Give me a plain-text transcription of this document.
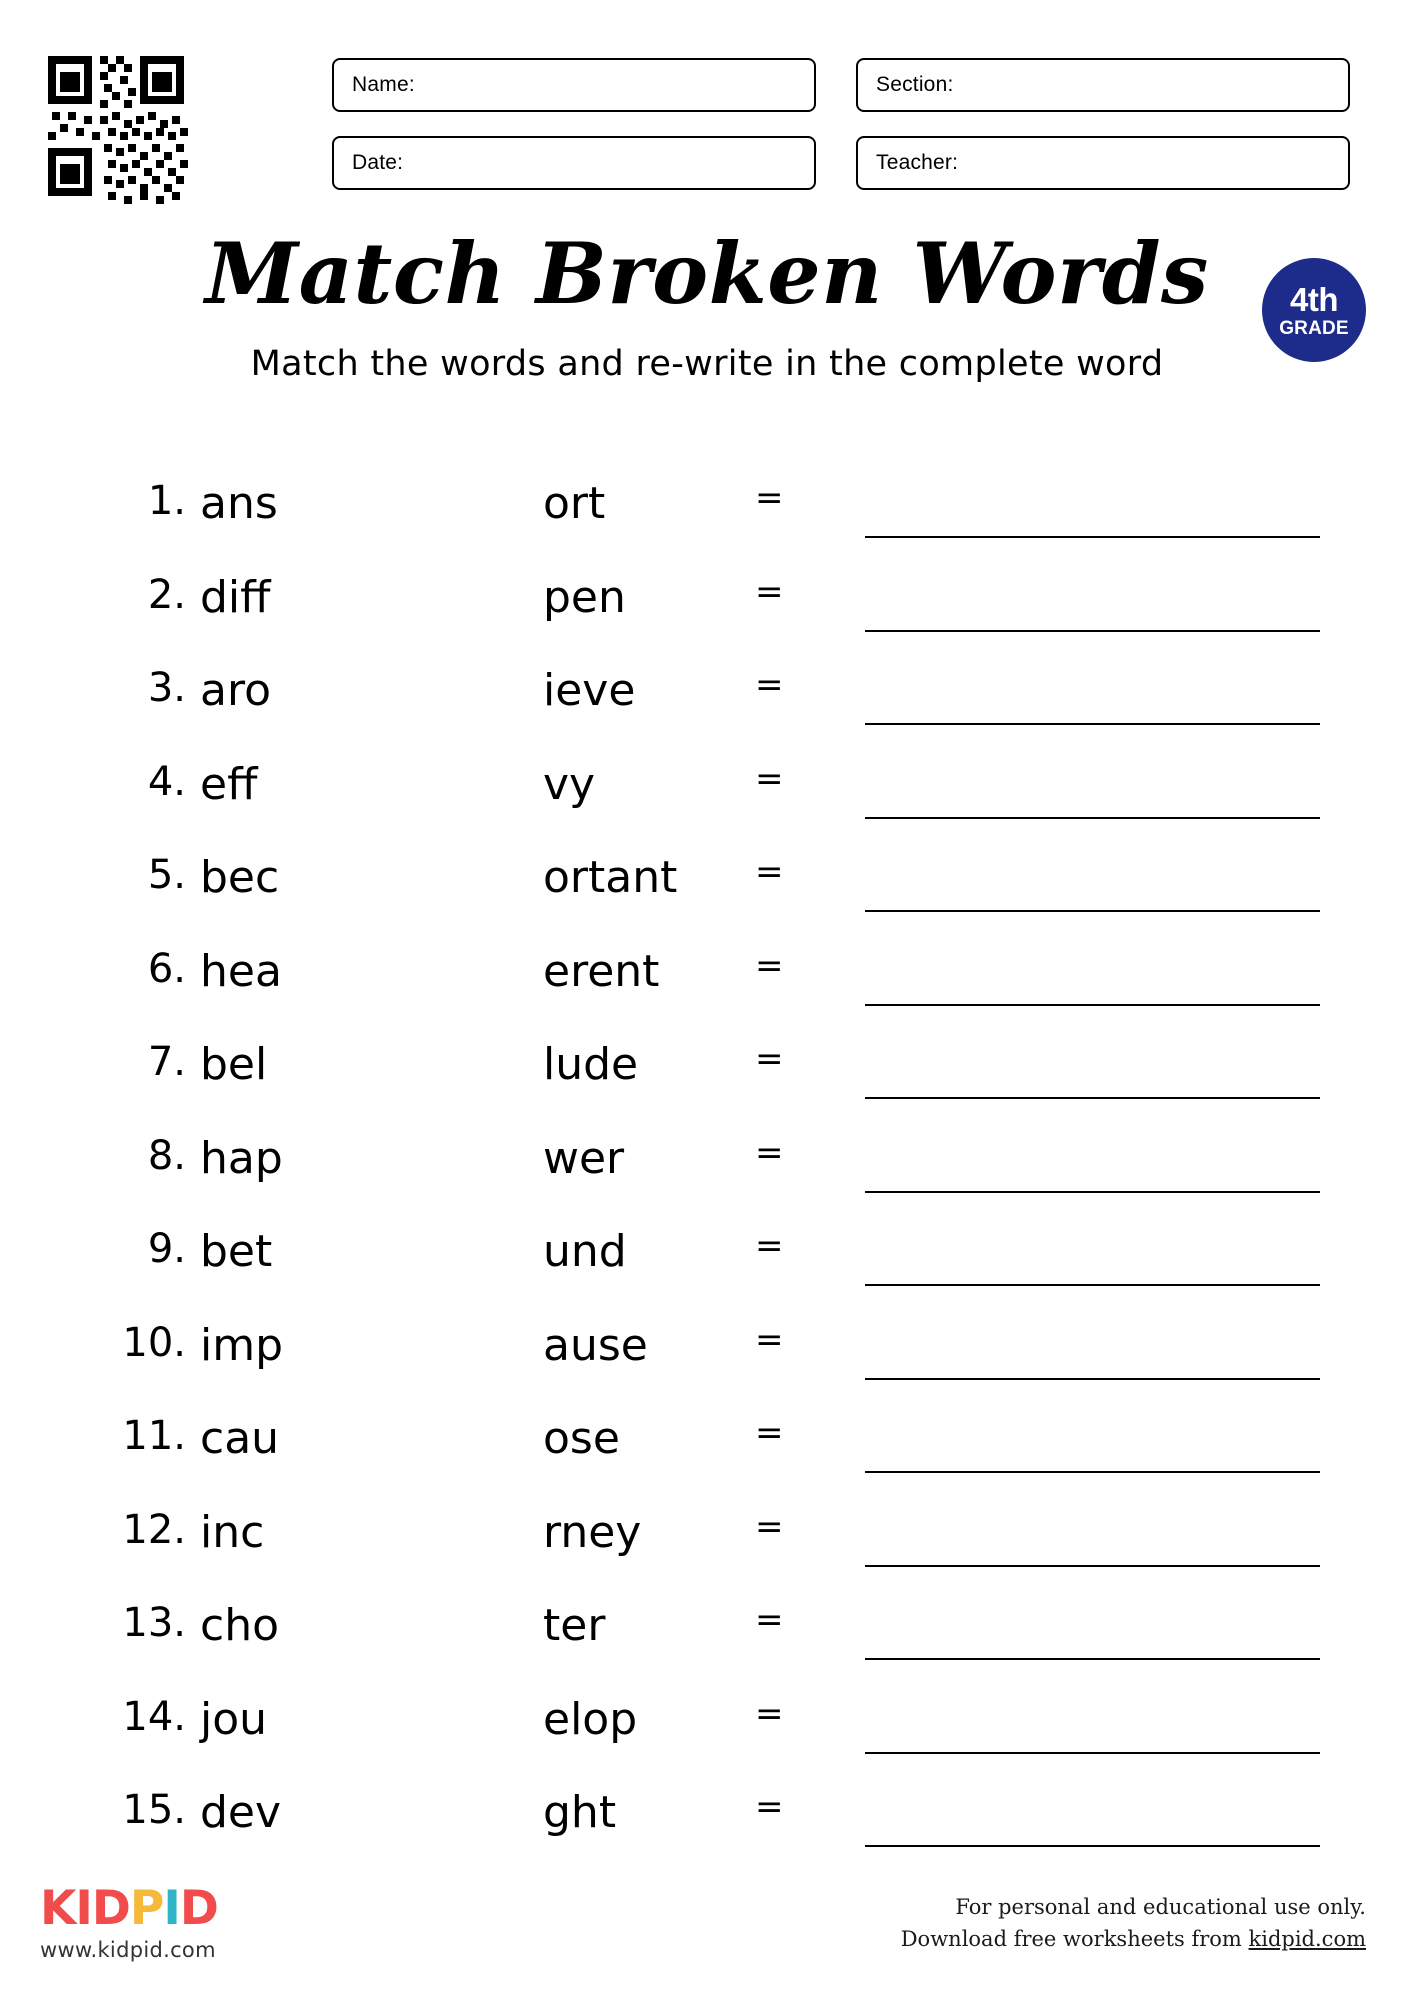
Name:	Section:
Date:	Teacher:
Match Broken Words
Match the words and re-write in the complete word
4th
GRADE
1. ans	ort	=
2. diff	pen	=
3. aro	ieve	=
4. eff	vy	=
5. bec	ortant =
6. hea	erent	=
7. bel	lude	=
8. hap	wer	=
9. bet	und	=
10. imp	ause	=
11. cau	ose	=
12. inc	rney	=
13. cho	ter	=
14. jou	elop	=
15. dev	ght	=
KIDPID
www.kidpid.com
For personal and educational use only.
Download free worksheets from kidpid.com
